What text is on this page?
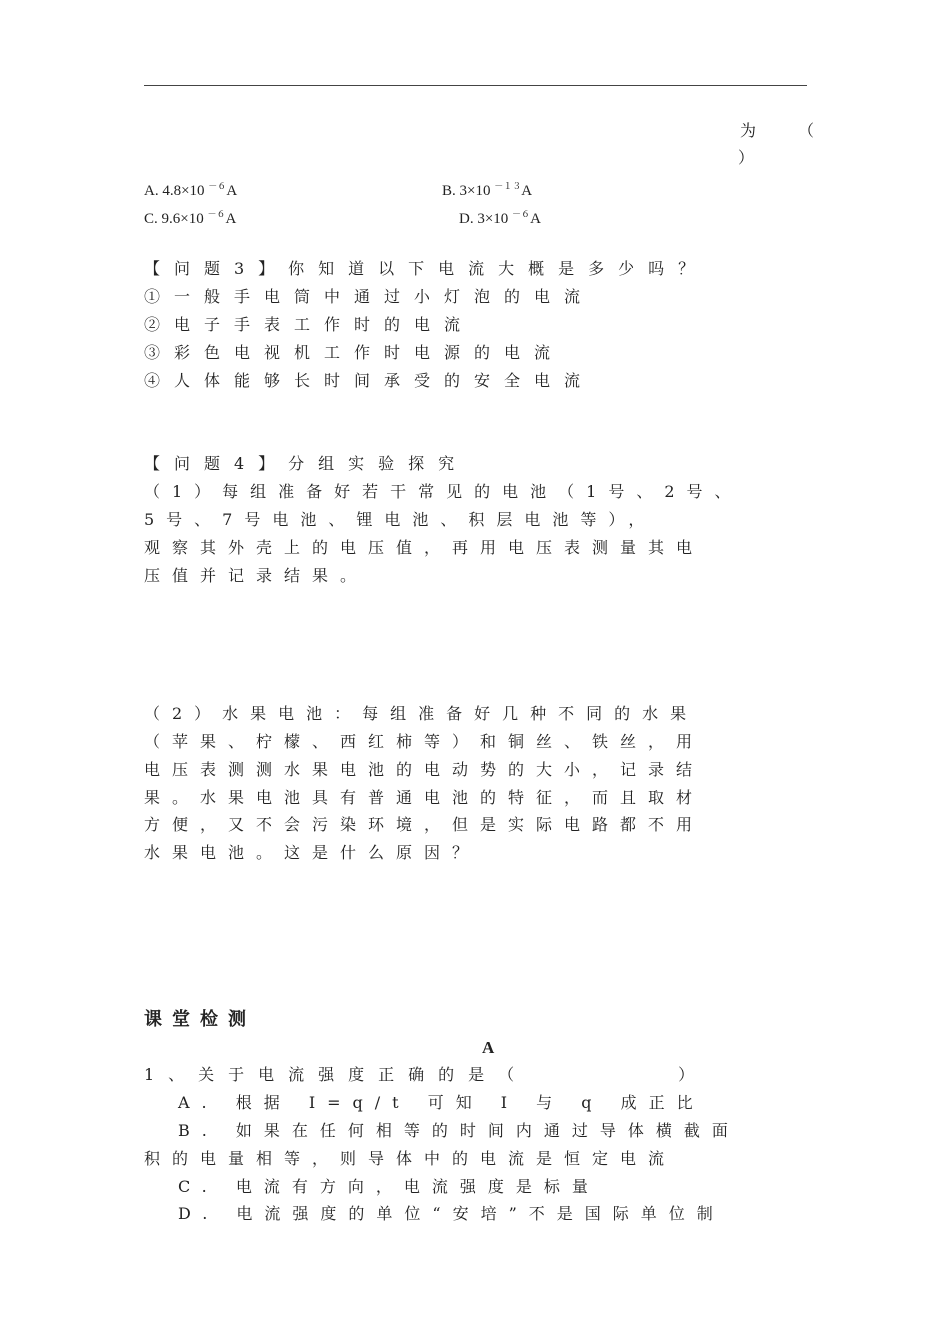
为	（
）
A. 4.8×10 $^{-6}$A	B. 3×10 $^{-13}$A
C. 9.6×10 $^{-6}$A	D. 3×10 $^{-6}$A
【问题3】你知道以下电流大概是多少吗？
①一般手电筒中通过小灯泡的电流
②电子手表工作时的电流
③彩色电视机工作时电源的电流
④人体能够长时间承受的安全电流
【问题4】分组实验探究
（1）每组准备好若干常见的电池（1号、2号、
5号、7号电池、锂电池、积层电池等），
观察其外壳上的电压值，再用电压表测量其电
压值并记录结果。
（2）水果电池：每组准备好几种不同的水果
（苹果、柠檬、西红柿等）和铜丝、铁丝，用
电压表测测水果电池的电动势的大小，记录结
果。水果电池具有普通电池的特征，而且取材
方便，又不会污染环境，但是实际电路都不用
水果电池。这是什么原因？
课堂检测
A
1、关于电流强度正确的是（　　　　　）
A. 根据 I=q/t 可知 I 与 q 成正比
B. 如果在任何相等的时间内通过导体横截面
积的电量相等，则导体中的电流是恒定电流
C. 电流有方向，电流强度是标量
D. 电流强度的单位“安培”不是国际单位制
